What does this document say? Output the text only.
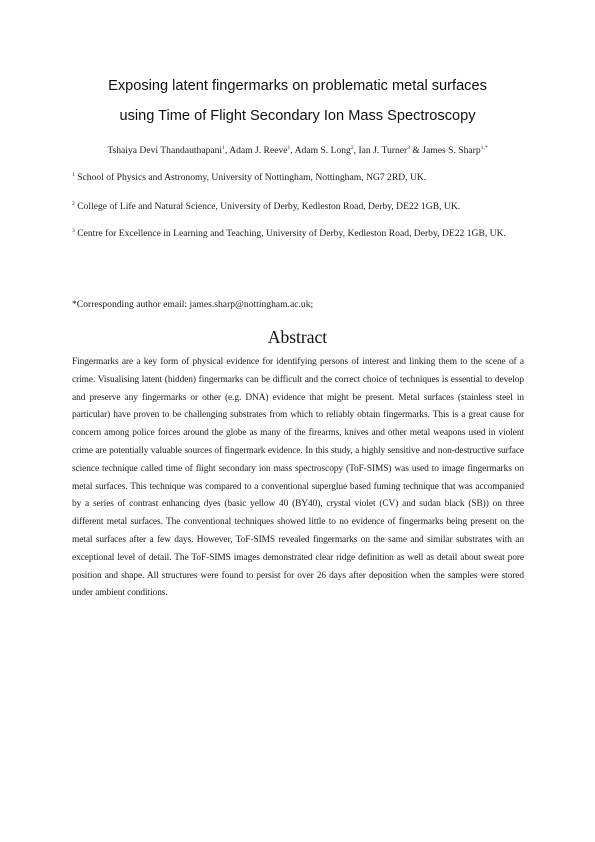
Exposing latent fingermarks on problematic metal surfaces
using Time of Flight Secondary Ion Mass Spectroscopy
Tshaiya Devi Thandauthapani$^1$, Adam J. Reeve$^1$, Adam S. Long$^2$, Ian J. Turner$^3$ & James S. Sharp$^{1,*}$
$^1$ School of Physics and Astronomy, University of Nottingham, Nottingham, NG7 2RD, UK.
$^2$ College of Life and Natural Science, University of Derby, Kedleston Road, Derby, DE22 1GB, UK.
$^3$ Centre for Excellence in Learning and Teaching, University of Derby, Kedleston Road, Derby, DE22 1GB, UK.
*Corresponding author email: james.sharp@nottingham.ac.uk;
Abstract
Fingermarks are a key form of physical evidence for identifying persons of interest and linking them to the scene of a crime. Visualising latent (hidden) fingermarks can be difficult and the correct choice of techniques is essential to develop and preserve any fingermarks or other (e.g. DNA) evidence that might be present. Metal surfaces (stainless steel in particular) have proven to be challenging substrates from which to reliably obtain fingermarks. This is a great cause for concern among police forces around the globe as many of the firearms, knives and other metal weapons used in violent crime are potentially valuable sources of fingermark evidence. In this study, a highly sensitive and non-destructive surface science technique called time of flight secondary ion mass spectroscopy (ToF-SIMS) was used to image fingermarks on metal surfaces. This technique was compared to a conventional superglue based fuming technique that was accompanied by a series of contrast enhancing dyes (basic yellow 40 (BY40), crystal violet (CV) and sudan black (SB)) on three different metal surfaces. The conventional techniques showed little to no evidence of fingermarks being present on the metal surfaces after a few days. However, ToF-SIMS revealed fingermarks on the same and similar substrates with an exceptional level of detail. The ToF-SIMS images demonstrated clear ridge definition as well as detail about sweat pore position and shape. All structures were found to persist for over 26 days after deposition when the samples were stored under ambient conditions.
